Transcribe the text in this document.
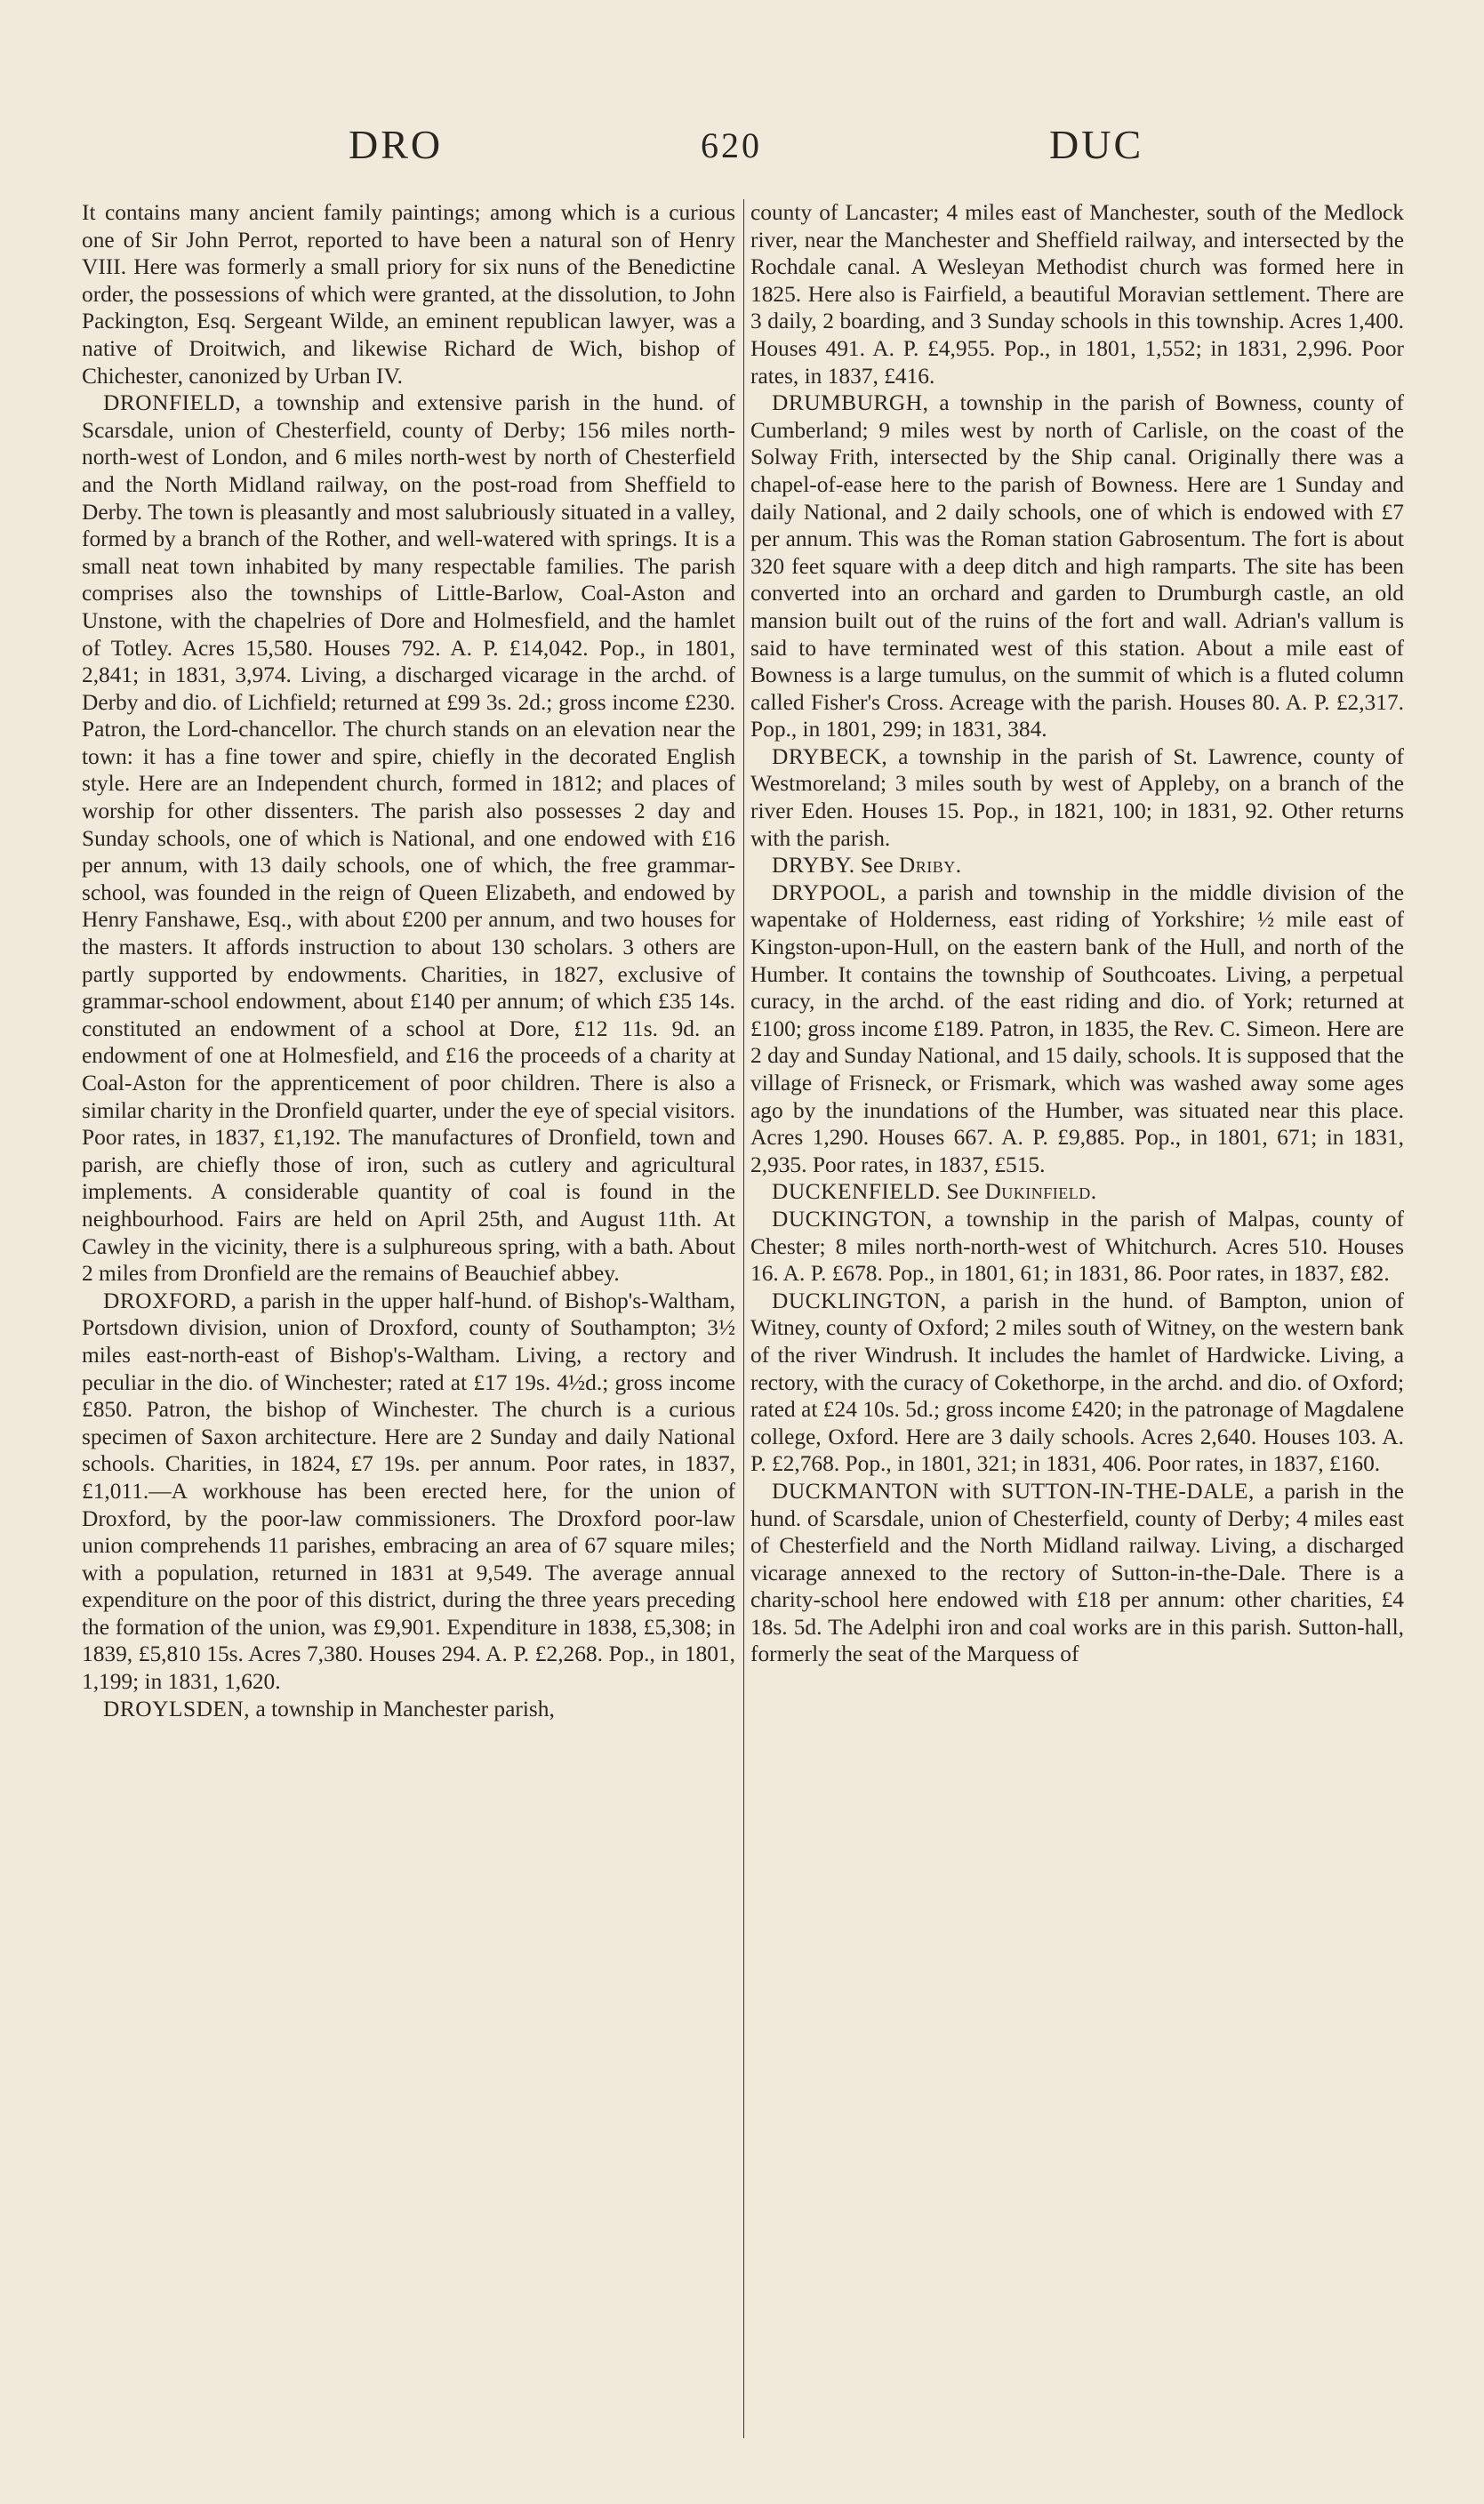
DRO	620	DUC

It contains many ancient family paintings; among which is a curious one of Sir John Perrot, reported to have been a natural son of Henry VIII. Here was formerly a small priory for six nuns of the Benedictine order, the possessions of which were granted, at the dissolution, to John Packington, Esq. Sergeant Wilde, an eminent republican lawyer, was a native of Droitwich, and likewise Richard de Wich, bishop of Chichester, canonized by Urban IV.

DRONFIELD, a township and extensive parish in the hund. of Scarsdale, union of Chesterfield, county of Derby; 156 miles north-north-west of London, and 6 miles north-west by north of Chesterfield and the North Midland railway, on the post-road from Sheffield to Derby. The town is pleasantly and most salubriously situated in a valley, formed by a branch of the Rother, and well-watered with springs. It is a small neat town inhabited by many respectable families. The parish comprises also the townships of Little-Barlow, Coal-Aston and Unstone, with the chapelries of Dore and Holmesfield, and the hamlet of Totley. Acres 15,580. Houses 792. A. P. £14,042. Pop., in 1801, 2,841; in 1831, 3,974. Living, a discharged vicarage in the archd. of Derby and dio. of Lichfield; returned at £99 3s. 2d.; gross income £230. Patron, the Lord-chancellor. The church stands on an elevation near the town: it has a fine tower and spire, chiefly in the decorated English style. Here are an Independent church, formed in 1812; and places of worship for other dissenters. The parish also possesses 2 day and Sunday schools, one of which is National, and one endowed with £16 per annum, with 13 daily schools, one of which, the free grammar-school, was founded in the reign of Queen Elizabeth, and endowed by Henry Fanshawe, Esq., with about £200 per annum, and two houses for the masters. It affords instruction to about 130 scholars. 3 others are partly supported by endowments. Charities, in 1827, exclusive of grammar-school endowment, about £140 per annum; of which £35 14s. constituted an endowment of a school at Dore, £12 11s. 9d. an endowment of one at Holmesfield, and £16 the proceeds of a charity at Coal-Aston for the apprenticement of poor children. There is also a similar charity in the Dronfield quarter, under the eye of special visitors. Poor rates, in 1837, £1,192. The manufactures of Dronfield, town and parish, are chiefly those of iron, such as cutlery and agricultural implements. A considerable quantity of coal is found in the neighbourhood. Fairs are held on April 25th, and August 11th. At Cawley in the vicinity, there is a sulphureous spring, with a bath. About 2 miles from Dronfield are the remains of Beauchief abbey.

DROXFORD, a parish in the upper half-hund. of Bishop's-Waltham, Portsdown division, union of Droxford, county of Southampton; 3½ miles east-north-east of Bishop's-Waltham. Living, a rectory and peculiar in the dio. of Winchester; rated at £17 19s. 4½d.; gross income £850. Patron, the bishop of Winchester. The church is a curious specimen of Saxon architecture. Here are 2 Sunday and daily National schools. Charities, in 1824, £7 19s. per annum. Poor rates, in 1837, £1,011.—A workhouse has been erected here, for the union of Droxford, by the poor-law commissioners. The Droxford poor-law union comprehends 11 parishes, embracing an area of 67 square miles; with a population, returned in 1831 at 9,549. The average annual expenditure on the poor of this district, during the three years preceding the formation of the union, was £9,901. Expenditure in 1838, £5,308; in 1839, £5,810 15s. Acres 7,380. Houses 294. A. P. £2,268. Pop., in 1801, 1,199; in 1831, 1,620.

DROYLSDEN, a township in Manchester parish,

county of Lancaster; 4 miles east of Manchester, south of the Medlock river, near the Manchester and Sheffield railway, and intersected by the Rochdale canal. A Wesleyan Methodist church was formed here in 1825. Here also is Fairfield, a beautiful Moravian settlement. There are 3 daily, 2 boarding, and 3 Sunday schools in this township. Acres 1,400. Houses 491. A. P. £4,955. Pop., in 1801, 1,552; in 1831, 2,996. Poor rates, in 1837, £416.

DRUMBURGH, a township in the parish of Bowness, county of Cumberland; 9 miles west by north of Carlisle, on the coast of the Solway Frith, intersected by the Ship canal. Originally there was a chapel-of-ease here to the parish of Bowness. Here are 1 Sunday and daily National, and 2 daily schools, one of which is endowed with £7 per annum. This was the Roman station Gabrosentum. The fort is about 320 feet square with a deep ditch and high ramparts. The site has been converted into an orchard and garden to Drumburgh castle, an old mansion built out of the ruins of the fort and wall. Adrian's vallum is said to have terminated west of this station. About a mile east of Bowness is a large tumulus, on the summit of which is a fluted column called Fisher's Cross. Acreage with the parish. Houses 80. A. P. £2,317. Pop., in 1801, 299; in 1831, 384.

DRYBECK, a township in the parish of St. Lawrence, county of Westmoreland; 3 miles south by west of Appleby, on a branch of the river Eden. Houses 15. Pop., in 1821, 100; in 1831, 92. Other returns with the parish.

DRYBY. See Driby.

DRYPOOL, a parish and township in the middle division of the wapentake of Holderness, east riding of Yorkshire; ½ mile east of Kingston-upon-Hull, on the eastern bank of the Hull, and north of the Humber. It contains the township of Southcoates. Living, a perpetual curacy, in the archd. of the east riding and dio. of York; returned at £100; gross income £189. Patron, in 1835, the Rev. C. Simeon. Here are 2 day and Sunday National, and 15 daily, schools. It is supposed that the village of Frisneck, or Frismark, which was washed away some ages ago by the inundations of the Humber, was situated near this place. Acres 1,290. Houses 667. A. P. £9,885. Pop., in 1801, 671; in 1831, 2,935. Poor rates, in 1837, £515.

DUCKENFIELD. See Dukinfield.

DUCKINGTON, a township in the parish of Malpas, county of Chester; 8 miles north-north-west of Whitchurch. Acres 510. Houses 16. A. P. £678. Pop., in 1801, 61; in 1831, 86. Poor rates, in 1837, £82.

DUCKLINGTON, a parish in the hund. of Bampton, union of Witney, county of Oxford; 2 miles south of Witney, on the western bank of the river Windrush. It includes the hamlet of Hardwicke. Living, a rectory, with the curacy of Cokethorpe, in the archd. and dio. of Oxford; rated at £24 10s. 5d.; gross income £420; in the patronage of Magdalene college, Oxford. Here are 3 daily schools. Acres 2,640. Houses 103. A. P. £2,768. Pop., in 1801, 321; in 1831, 406. Poor rates, in 1837, £160.

DUCKMANTON with SUTTON-IN-THE-DALE, a parish in the hund. of Scarsdale, union of Chesterfield, county of Derby; 4 miles east of Chesterfield and the North Midland railway. Living, a discharged vicarage annexed to the rectory of Sutton-in-the-Dale. There is a charity-school here endowed with £18 per annum: other charities, £4 18s. 5d. The Adelphi iron and coal works are in this parish. Sutton-hall, formerly the seat of the Marquess of
